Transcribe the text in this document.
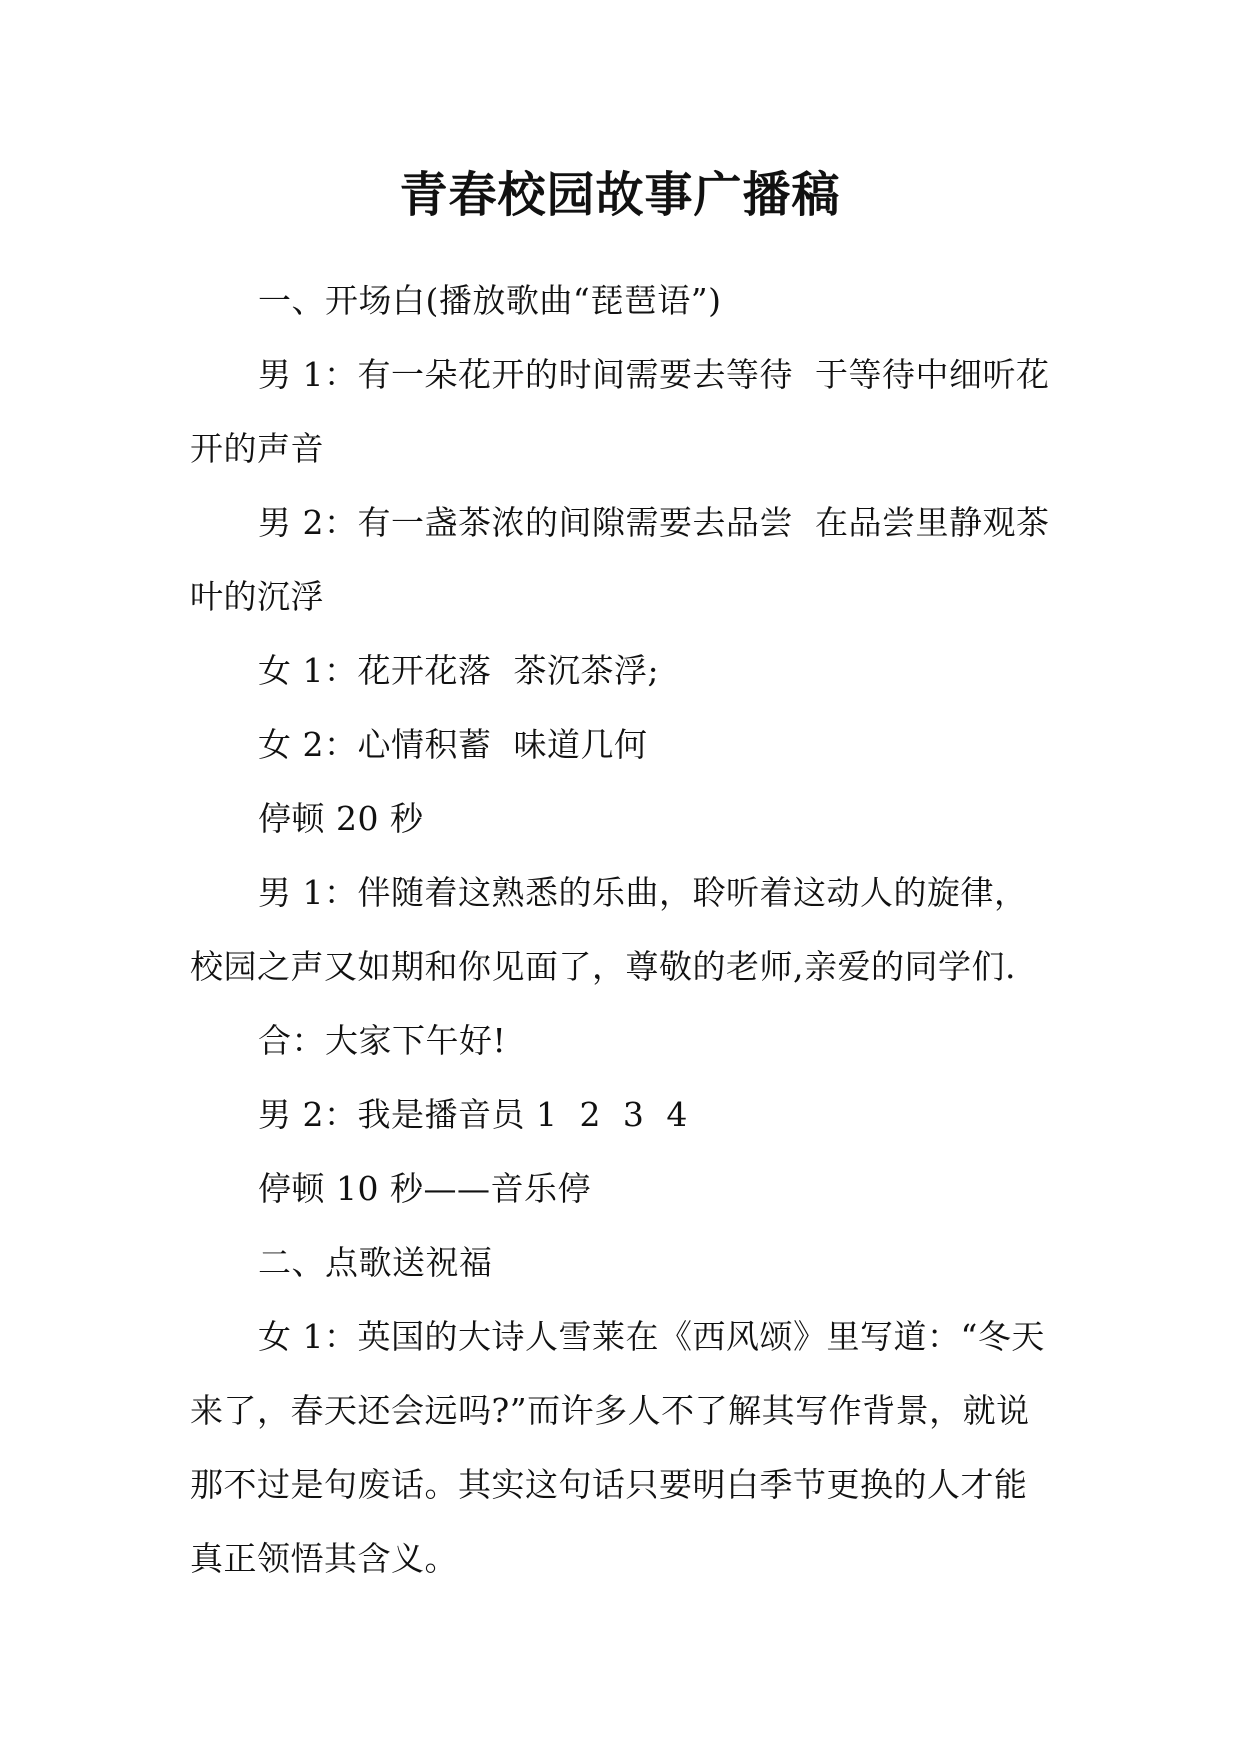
青春校园故事广播稿

一、开场白(播放歌曲“琵琶语”)

男 1：有一朵花开的时间需要去等待  于等待中细听花开的声音

男 2：有一盏茶浓的间隙需要去品尝  在品尝里静观茶叶的沉浮

女 1：花开花落  茶沉茶浮;

女 2：心情积蓄  味道几何

停顿 20 秒

男 1：伴随着这熟悉的乐曲，聆听着这动人的旋律，校园之声又如期和你见面了，尊敬的老师,亲爱的同学们.

合：大家下午好!

男 2：我是播音员 1  2  3  4

停顿 10 秒——音乐停

二、点歌送祝福

女 1：英国的大诗人雪莱在《西风颂》里写道：“冬天来了，春天还会远吗?”而许多人不了解其写作背景，就说那不过是句废话。其实这句话只要明白季节更换的人才能真正领悟其含义。
